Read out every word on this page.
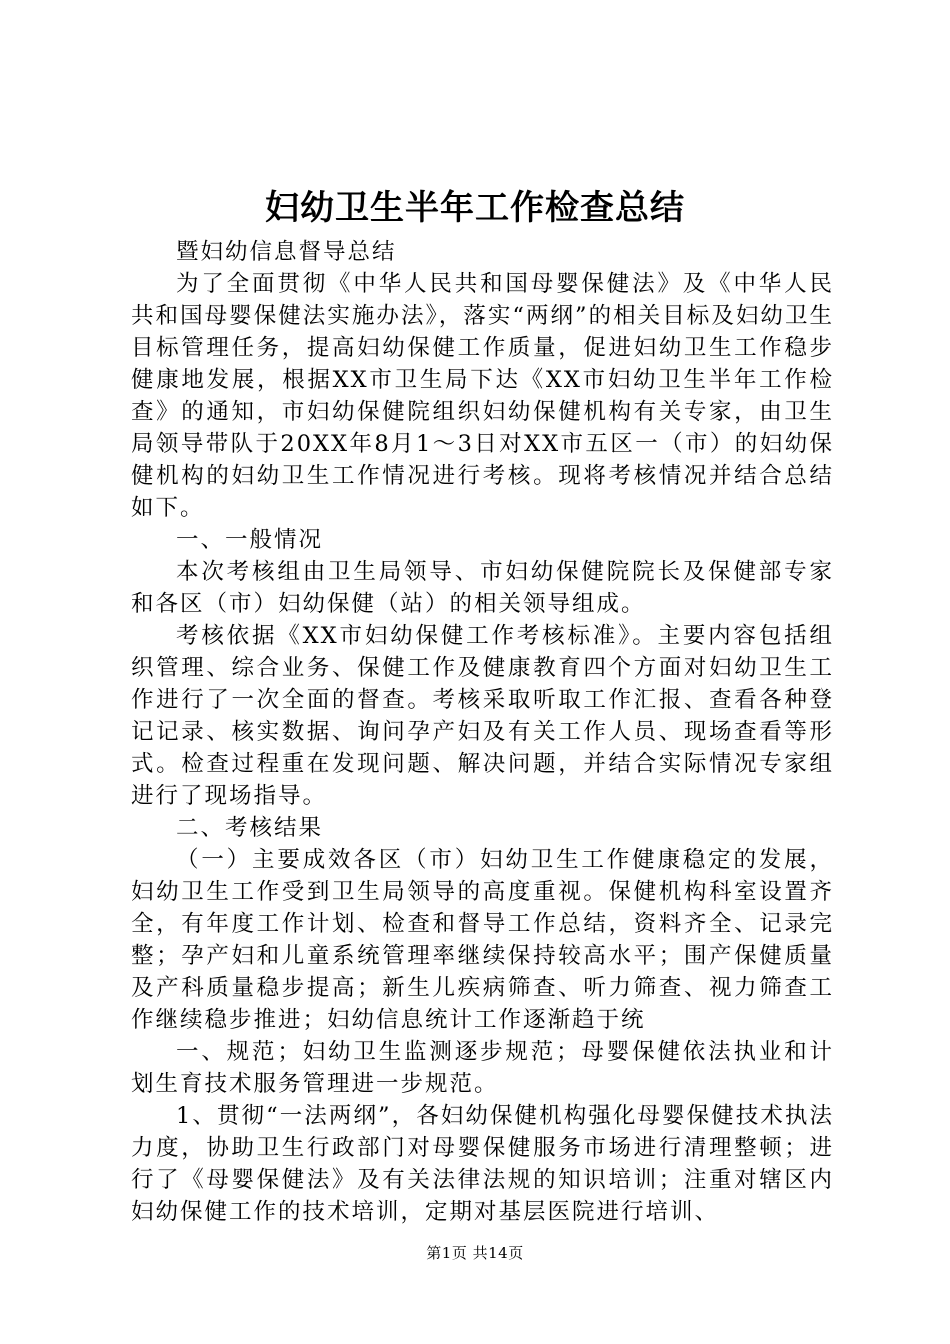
妇幼卫生半年工作检查总结

暨妇幼信息督导总结

为了全面贯彻《中华人民共和国母婴保健法》及《中华人民共和国母婴保健法实施办法》，落实“两纲”的相关目标及妇幼卫生目标管理任务，提高妇幼保健工作质量，促进妇幼卫生工作稳步健康地发展，根据XX市卫生局下达《XX市妇幼卫生半年工作检查》的通知，市妇幼保健院组织妇幼保健机构有关专家，由卫生局领导带队于20XX年8月1～3日对XX市五区一（市）的妇幼保健机构的妇幼卫生工作情况进行考核。现将考核情况并结合总结如下。

一、一般情况

本次考核组由卫生局领导、市妇幼保健院院长及保健部专家和各区（市）妇幼保健（站）的相关领导组成。

考核依据《XX市妇幼保健工作考核标准》。主要内容包括组织管理、综合业务、保健工作及健康教育四个方面对妇幼卫生工作进行了一次全面的督查。考核采取听取工作汇报、查看各种登记记录、核实数据、询问孕产妇及有关工作人员、现场查看等形式。检查过程重在发现问题、解决问题，并结合实际情况专家组进行了现场指导。

二、考核结果

（一）主要成效各区（市）妇幼卫生工作健康稳定的发展，妇幼卫生工作受到卫生局领导的高度重视。保健机构科室设置齐全，有年度工作计划、检查和督导工作总结，资料齐全、记录完整；孕产妇和儿童系统管理率继续保持较高水平；围产保健质量及产科质量稳步提高；新生儿疾病筛查、听力筛查、视力筛查工作继续稳步推进；妇幼信息统计工作逐渐趋于统

一、规范；妇幼卫生监测逐步规范；母婴保健依法执业和计划生育技术服务管理进一步规范。

1、贯彻“一法两纲”，各妇幼保健机构强化母婴保健技术执法力度，协助卫生行政部门对母婴保健服务市场进行清理整顿；进行了《母婴保健法》及有关法律法规的知识培训；注重对辖区内妇幼保健工作的技术培训，定期对基层医院进行培训、

第1页 共14页
